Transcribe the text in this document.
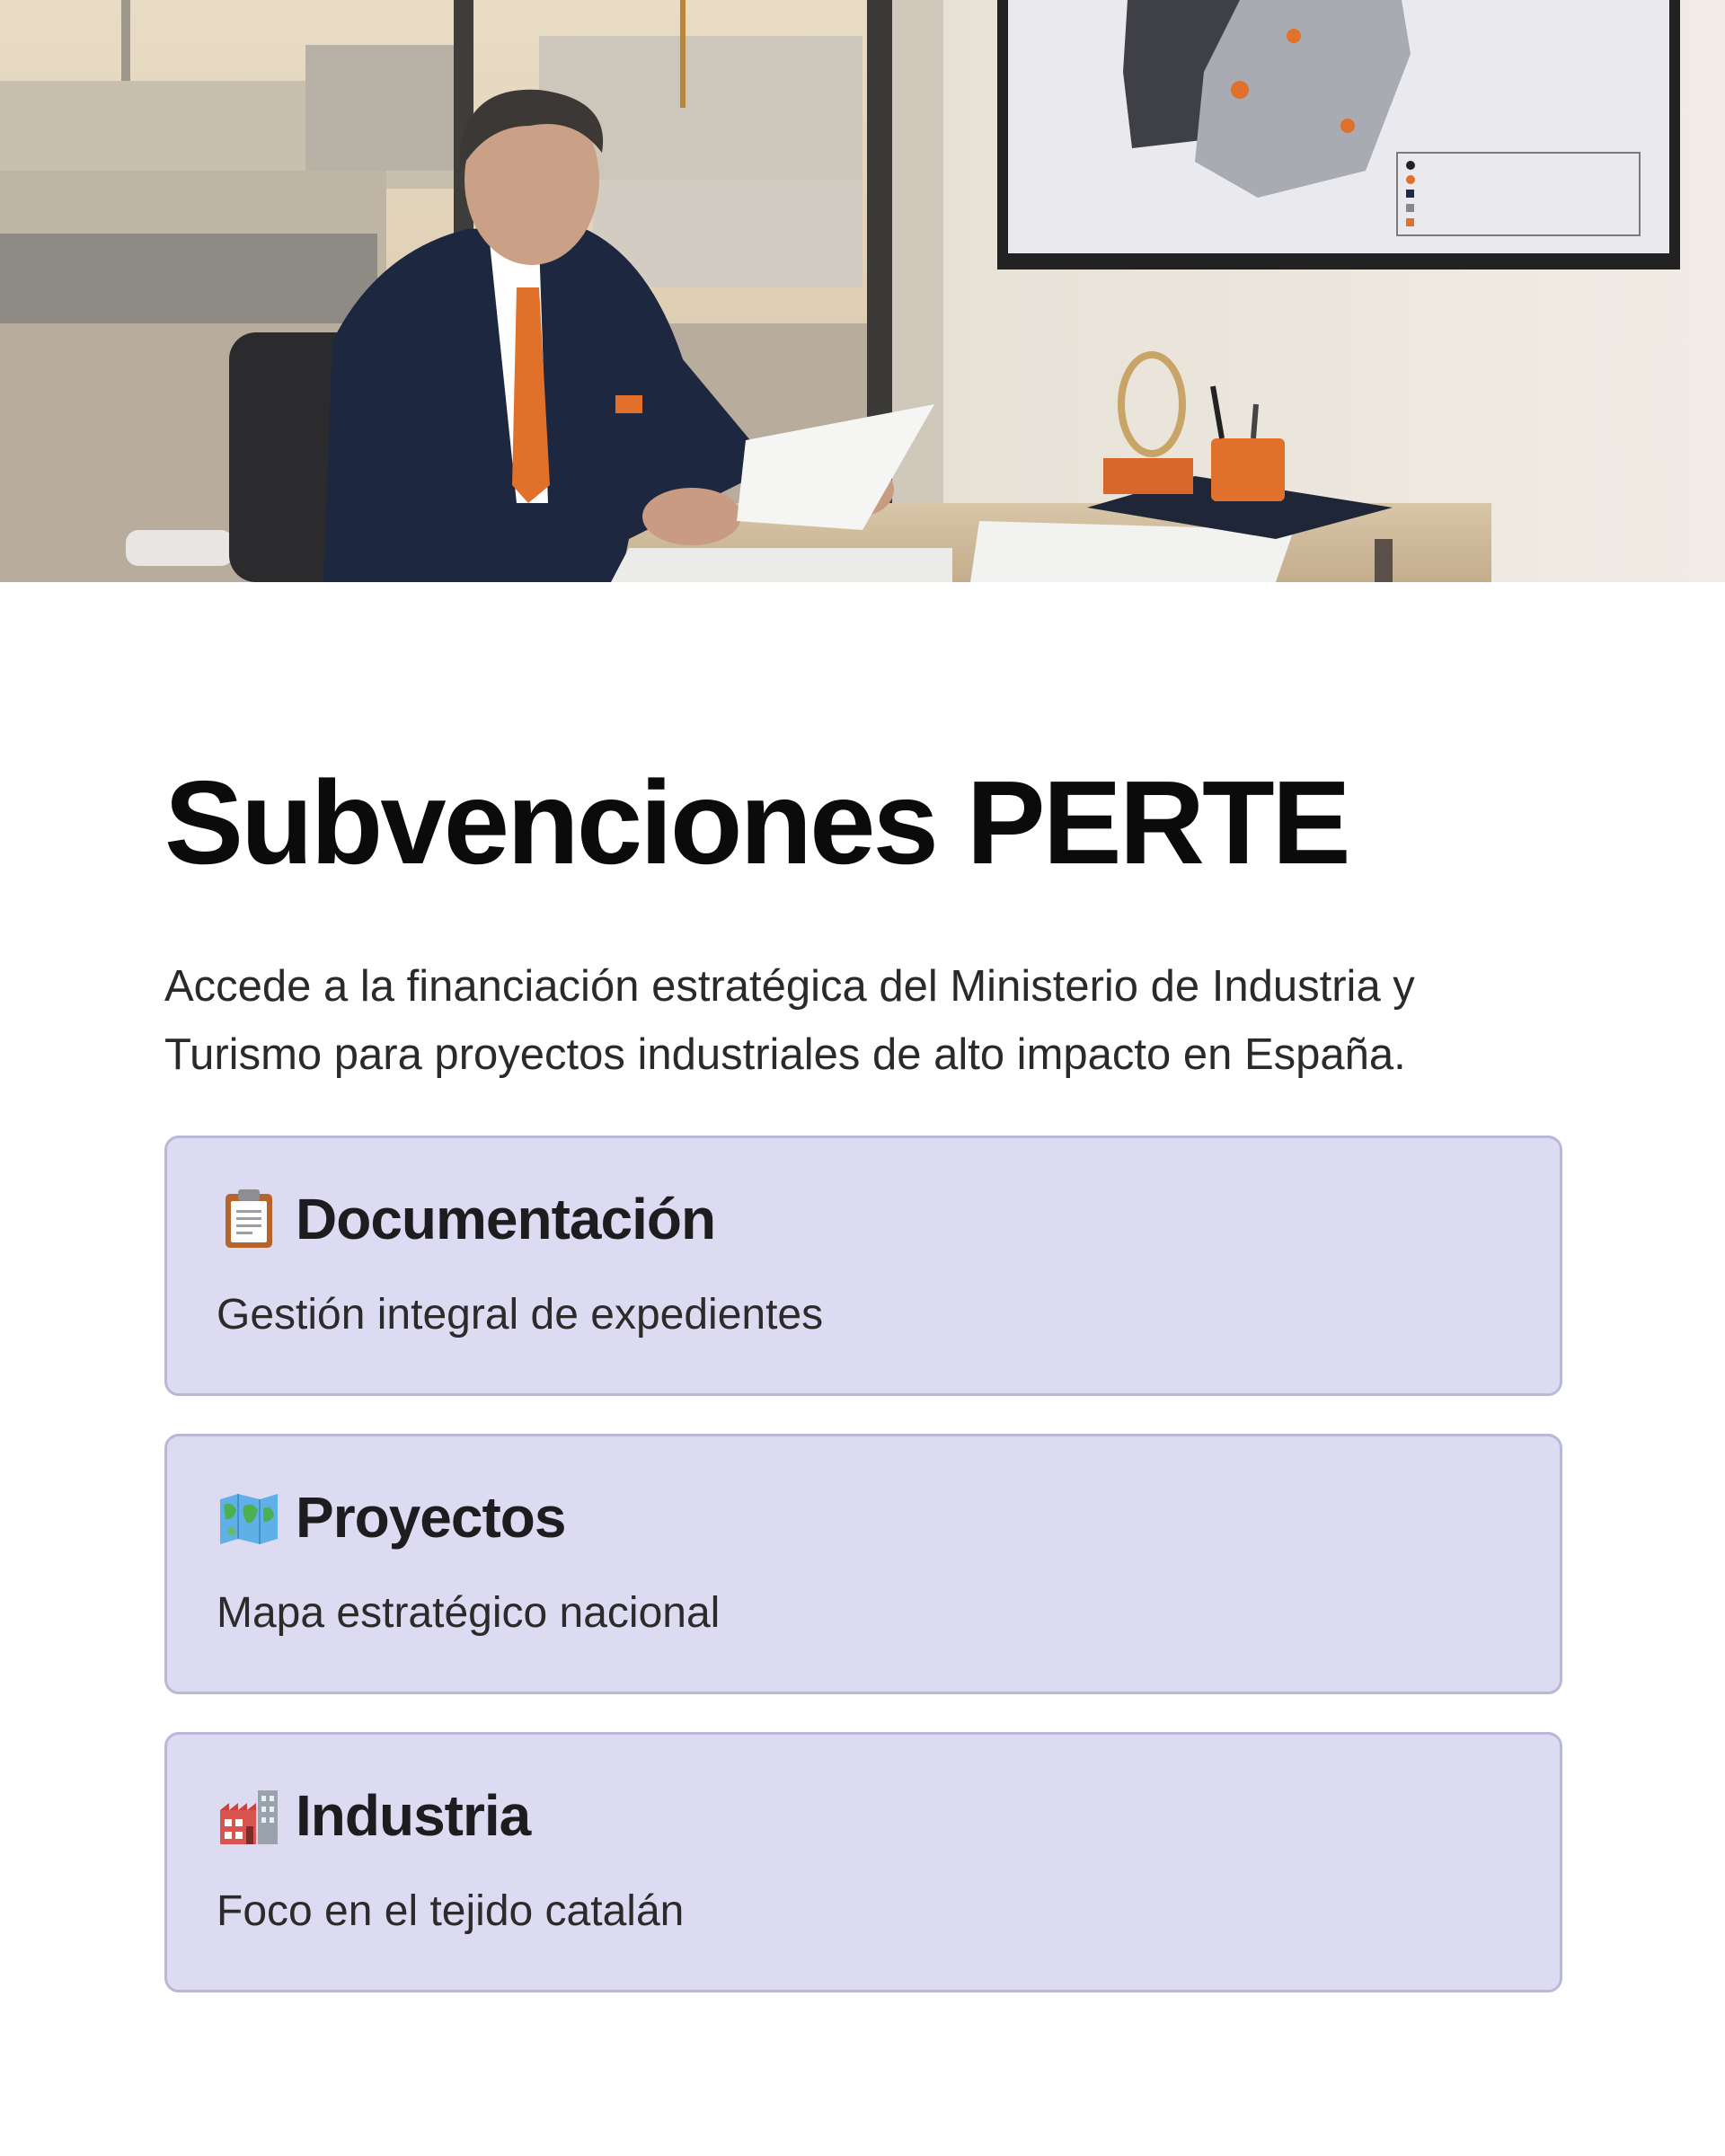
Subvenciones PERTE

Accede a la financiación estratégica del Ministerio de Industria y Turismo para proyectos industriales de alto impacto en España.

Documentación
Gestión integral de expedientes
Proyectos
Mapa estratégico nacional
Industria
Foco en el tejido catalán
